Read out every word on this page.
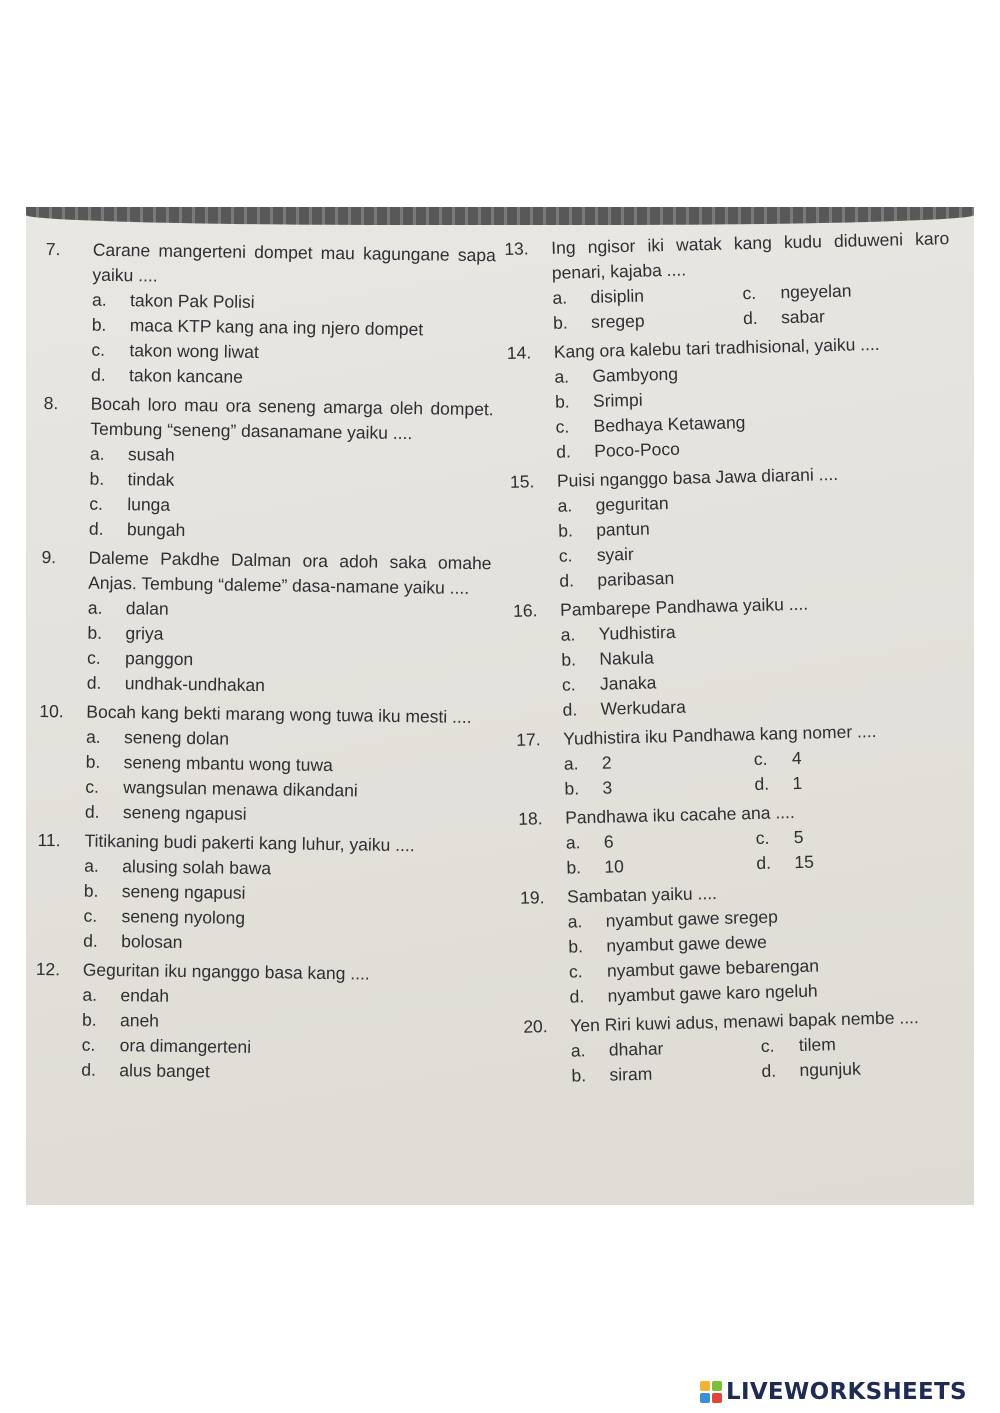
7. Carane mangerteni dompet mau kagungane sapa yaiku ....
a. takon Pak Polisi
b. maca KTP kang ana ing njero dompet
c. takon wong liwat
d. takon kancane
8. Bocah loro mau ora seneng amarga oleh dompet. Tembung “seneng” dasanamane yaiku ....
a. susah
b. tindak
c. lunga
d. bungah
9. Daleme Pakdhe Dalman ora adoh saka omahe Anjas. Tembung “daleme” dasa-namane yaiku ....
a. dalan
b. griya
c. panggon
d. undhak-undhakan
10. Bocah kang bekti marang wong tuwa iku mesti ....
a. seneng dolan
b. seneng mbantu wong tuwa
c. wangsulan menawa dikandani
d. seneng ngapusi
11. Titikaning budi pakerti kang luhur, yaiku ....
a. alusing solah bawa
b. seneng ngapusi
c. seneng nyolong
d. bolosan
12. Geguritan iku nganggo basa kang ....
a. endah
b. aneh
c. ora dimangerteni
d. alus banget
13. Ing ngisor iki watak kang kudu diduweni karo penari, kajaba ....
a. disiplin	c. ngeyelan
b. sregep	d. sabar
14. Kang ora kalebu tari tradhisional, yaiku ....
a. Gambyong
b. Srimpi
c. Bedhaya Ketawang
d. Poco-Poco
15. Puisi nganggo basa Jawa diarani ....
a. geguritan
b. pantun
c. syair
d. paribasan
16. Pambarepe Pandhawa yaiku ....
a. Yudhistira
b. Nakula
c. Janaka
d. Werkudara
17. Yudhistira iku Pandhawa kang nomer ....
a. 2	c. 4
b. 3	d. 1
18. Pandhawa iku cacahe ana ....
a. 6	c. 5
b. 10	d. 15
19. Sambatan yaiku ....
a. nyambut gawe sregep
b. nyambut gawe dewe
c. nyambut gawe bebarengan
d. nyambut gawe karo ngeluh
20. Yen Riri kuwi adus, menawi bapak nembe ....
a. dhahar	c. tilem
b. siram	d. ngunjuk
LIVEWORKSHEETS
